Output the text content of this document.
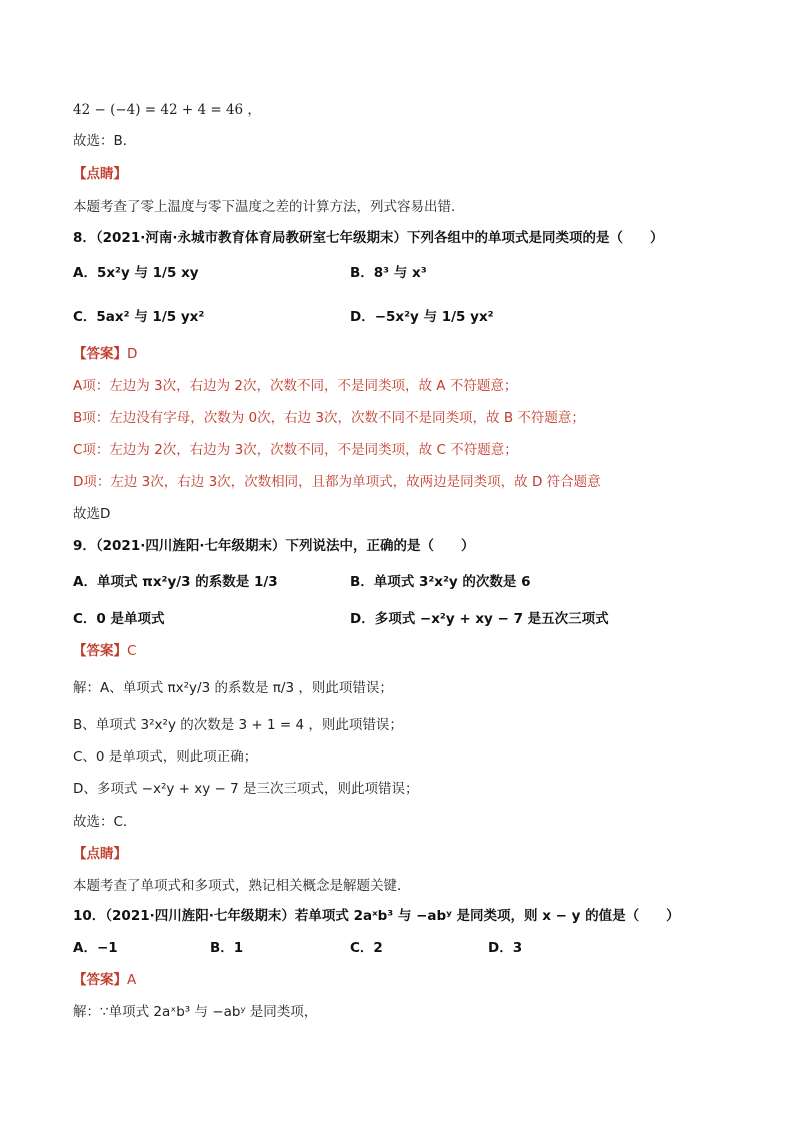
42 − (−4) = 42 + 4 = 46 ，
故选：B．
【点睛】
本题考查了零上温度与零下温度之差的计算方法，列式容易出错．
8．（2021·河南·永城市教育体育局教研室七年级期末）下列各组中的单项式是同类项的是（　　）
A．5x²y 与 1/5 xy	B．8³ 与 x³
C．5ax² 与 1/5 yx²	D．−5x²y 与 1/5 yx²
【答案】D
A项：左边为 3次，右边为 2次，次数不同，不是同类项，故 A 不符题意；
B项：左边没有字母，次数为 0次，右边 3次，次数不同不是同类项，故 B 不符题意；
C项：左边为 2次，右边为 3次，次数不同，不是同类项，故 C 不符题意；
D项：左边 3次，右边 3次，次数相同，且都为单项式，故两边是同类项，故 D 符合题意
故选D
9．（2021·四川旌阳·七年级期末）下列说法中，正确的是（　　）
A．单项式 πx²y/3 的系数是 1/3	B．单项式 3²x²y 的次数是 6
C．0 是单项式	D．多项式 −x²y + xy − 7 是五次三项式
【答案】C
解：A、单项式 πx²y/3 的系数是 π/3 ，则此项错误；
B、单项式 3²x²y 的次数是 3 + 1 = 4 ，则此项错误；
C、0 是单项式，则此项正确；
D、多项式 −x²y + xy − 7 是三次三项式，则此项错误；
故选：C．
【点睛】
本题考查了单项式和多项式，熟记相关概念是解题关键．
10．（2021·四川旌阳·七年级期末）若单项式 2aˣb³ 与 −abʸ 是同类项，则 x − y 的值是（　　）
A．−1	B．1	C．2	D．3
【答案】A
解：∵单项式 2aˣb³ 与 −abʸ 是同类项，
